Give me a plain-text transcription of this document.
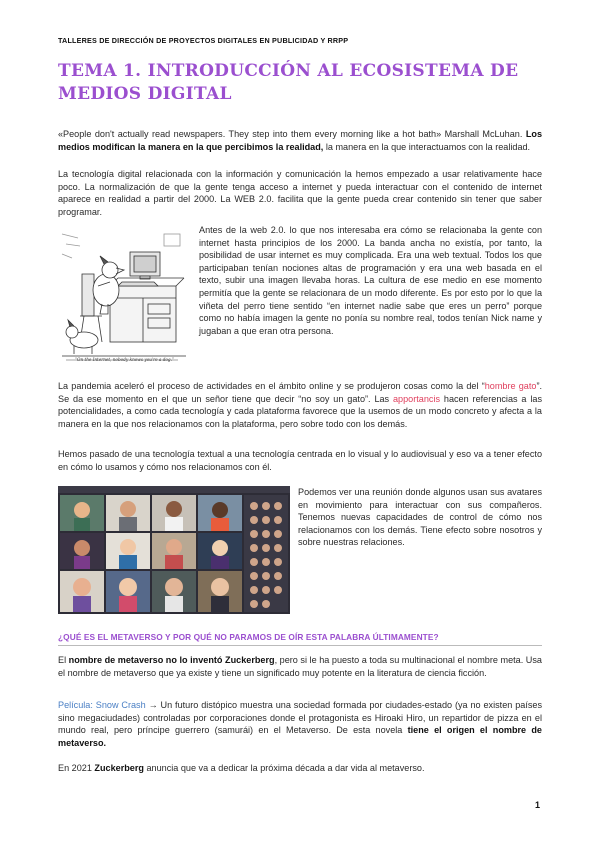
TALLERES DE DIRECCIÓN DE PROYECTOS DIGITALES EN PUBLICIDAD Y RRPP
TEMA 1. INTRODUCCIÓN AL ECOSISTEMA DE MEDIOS DIGITAL
«People don't actually read newspapers. They step into them every morning like a hot bath» Marshall McLuhan. Los medios modifican la manera en la que percibimos la realidad, la manera en la que interactuamos con la realidad.
La tecnología digital relacionada con la información y comunicación la hemos empezado a usar relativamente hace poco. La normalización de que la gente tenga acceso a internet y pueda interactuar con el contenido de internet aparece en realidad a partir del 2000. La WEB 2.0. facilita que la gente pueda crear contenido sin tener que saber programar.
“On the Internet, nobody knows you're a dog.”
Antes de la web 2.0. lo que nos interesaba era cómo se relacionaba la gente con internet hasta principios de los 2000. La banda ancha no existía, por tanto, la posibilidad de usar internet es muy complicada. Era una web textual. Todos los que participaban tenían nociones altas de programación y era una web basada en el texto, subir una imagen llevaba horas. La cultura de ese medio en ese momento permitía que la gente se relacionara de un modo diferente. Es por esto por lo que la viñeta del perro tiene sentido “en internet nadie sabe que eres un perro” porque como no había imagen la gente no ponía su nombre real, todos tenían Nick name y jugaban a que eran otra persona.
La pandemia aceleró el proceso de actividades en el ámbito online y se produjeron cosas como la del “hombre gato”. Se da ese momento en el que un señor tiene que decir “no soy un gato”. Las apportancis hacen referencias a las potencialidades, a como cada tecnología y cada plataforma favorece que la usemos de un modo concreto y afecta a la manera en la que nos relacionamos con la plataforma, pero sobre todo con los demás.
Hemos pasado de una tecnología textual a una tecnología centrada en lo visual y lo audiovisual y eso va a tener efecto en cómo lo usamos y cómo nos relacionamos con él.
Podemos ver una reunión donde algunos usan sus avatares en movimiento para interactuar con sus compañeros. Tenemos nuevas capacidades de control de cómo nos relacionamos con los demás. Tiene efecto sobre nosotros y sobre nuestras relaciones.
¿QUÉ ES EL METAVERSO Y POR QUÉ NO PARAMOS DE OÍR ESTA PALABRA ÚLTIMAMENTE?
El nombre de metaverso no lo inventó Zuckerberg, pero si le ha puesto a toda su multinacional el nombre meta. Usa el nombre de metaverso que ya existe y tiene un significado muy potente en la literatura de ciencia ficción.
Película: Snow Crash → Un futuro distópico muestra una sociedad formada por ciudades-estado (ya no existen países sino megaciudades) controladas por corporaciones donde el protagonista es Hiroaki Hiro, un repartidor de pizza en el mundo real, pero príncipe guerrero (samurái) en el Metaverso. De esta novela tiene el origen el nombre de metaverso.
En 2021 Zuckerberg anuncia que va a dedicar la próxima década a dar vida al metaverso.
1
